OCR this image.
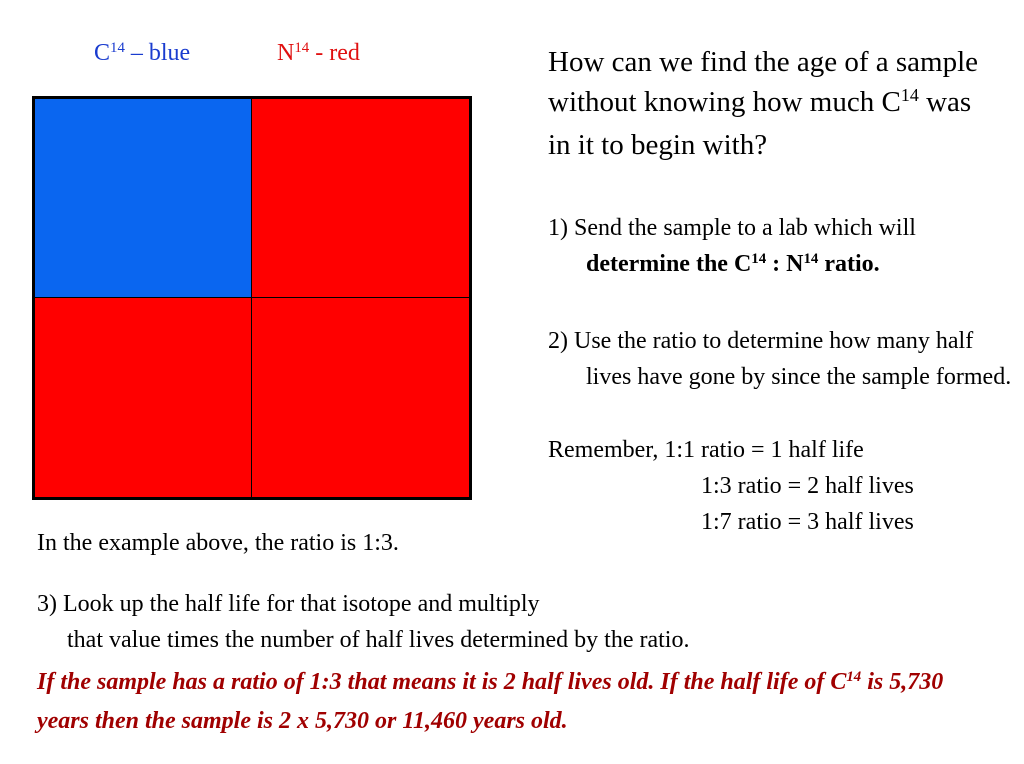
$C^{14}$ – blue	$N^{14}$ - red	How can we find the age of a sample without knowing how much $C^{14}$ was in it to begin with?
1) Send the sample to a lab which will determine the $C^{14}$ : $N^{14}$ ratio.
2) Use the ratio to determine how many half lives have gone by since the sample formed.
Remember, 1:1 ratio = 1 half life
1:3 ratio = 2 half lives
1:7 ratio = 3 half lives
In the example above, the ratio is 1:3.
3) Look up the half life for that isotope and multiply
that value times the number of half lives determined by the ratio.
If the sample has a ratio of 1:3 that means it is 2 half lives old. If the half life of $C^{14}$ is 5,730 years then the sample is 2 x 5,730 or 11,460 years old.
